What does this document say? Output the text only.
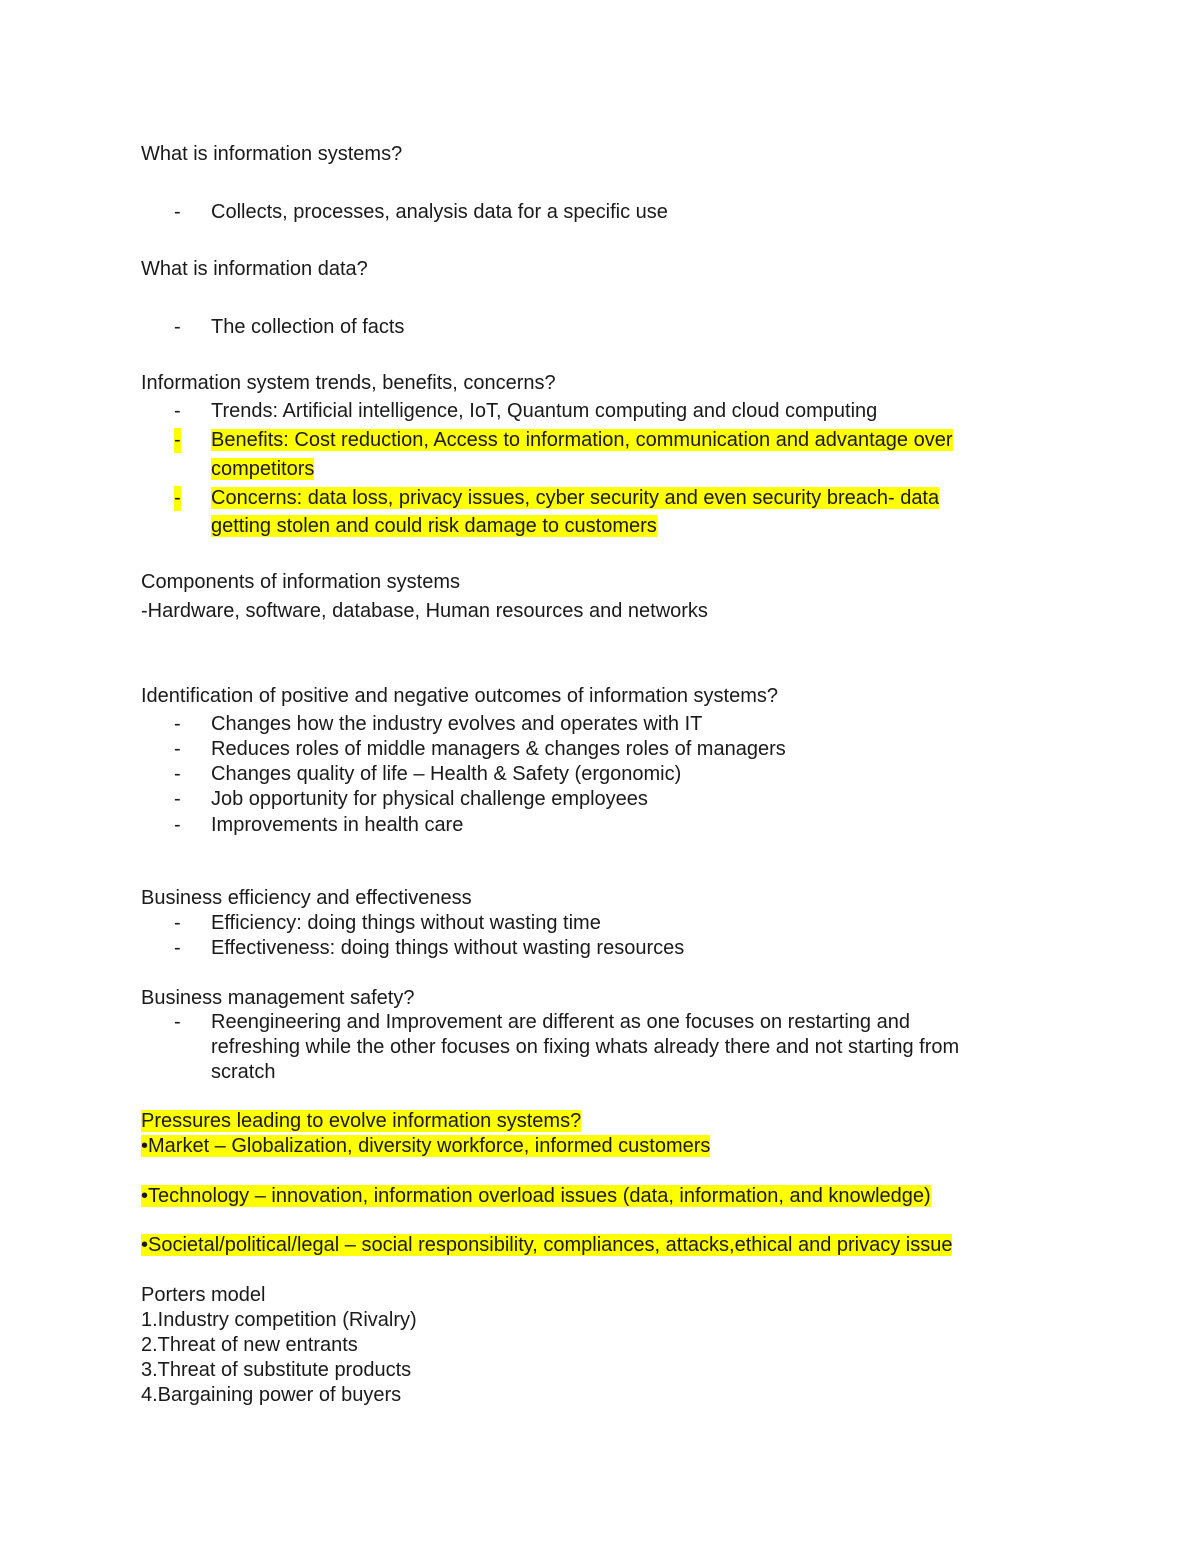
What is information systems?
- Collects, processes, analysis data for a specific use
What is information data?
- The collection of facts
Information system trends, benefits, concerns?
- Trends: Artificial intelligence, IoT, Quantum computing and cloud computing
- Benefits: Cost reduction, Access to information, communication and advantage over
competitors
- Concerns: data loss, privacy issues, cyber security and even security breach- data
getting stolen and could risk damage to customers
Components of information systems
-Hardware, software, database, Human resources and networks
Identification of positive and negative outcomes of information systems?
- Changes how the industry evolves and operates with IT
- Reduces roles of middle managers & changes roles of managers
- Changes quality of life – Health & Safety (ergonomic)
- Job opportunity for physical challenge employees
- Improvements in health care
Business efficiency and effectiveness
- Efficiency: doing things without wasting time
- Effectiveness: doing things without wasting resources
Business management safety?
- Reengineering and Improvement are different as one focuses on restarting and
refreshing while the other focuses on fixing whats already there and not starting from
scratch
Pressures leading to evolve information systems?
•Market – Globalization, diversity workforce, informed customers
•Technology – innovation, information overload issues (data, information, and knowledge)
•Societal/political/legal – social responsibility, compliances, attacks,ethical and privacy issue
Porters model
1.Industry competition (Rivalry)
2.Threat of new entrants
3.Threat of substitute products
4.Bargaining power of buyers
